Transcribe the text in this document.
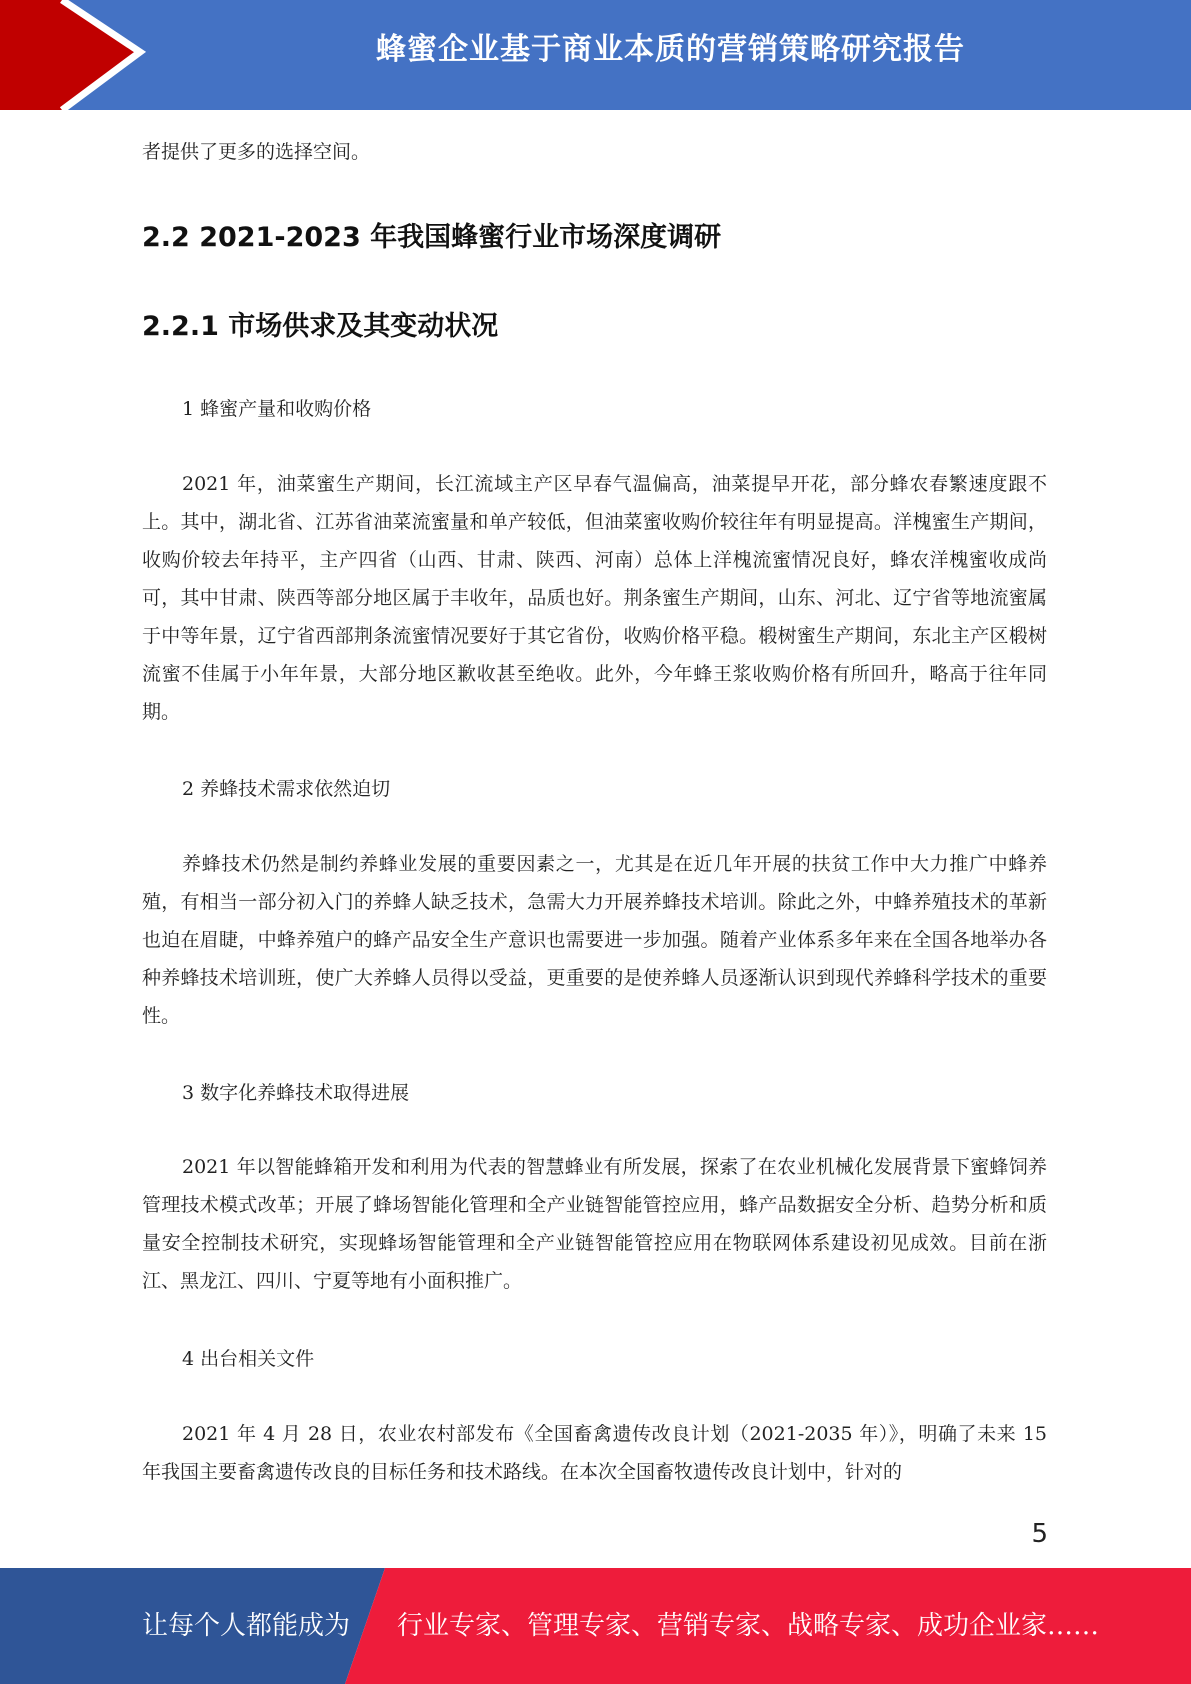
蜂蜜企业基于商业本质的营销策略研究报告

者提供了更多的选择空间。

2.2 2021-2023 年我国蜂蜜行业市场深度调研
2.2.1 市场供求及其变动状况

1 蜂蜜产量和收购价格

2021 年，油菜蜜生产期间，长江流域主产区早春气温偏高，油菜提早开花，部分蜂农春繁速度跟不上。其中，湖北省、江苏省油菜流蜜量和单产较低，但油菜蜜收购价较往年有明显提高。洋槐蜜生产期间，收购价较去年持平，主产四省（山西、甘肃、陕西、河南）总体上洋槐流蜜情况良好，蜂农洋槐蜜收成尚可，其中甘肃、陕西等部分地区属于丰收年，品质也好。荆条蜜生产期间，山东、河北、辽宁省等地流蜜属于中等年景，辽宁省西部荆条流蜜情况要好于其它省份，收购价格平稳。椴树蜜生产期间，东北主产区椴树流蜜不佳属于小年年景，大部分地区歉收甚至绝收。此外，今年蜂王浆收购价格有所回升，略高于往年同期。

2 养蜂技术需求依然迫切

养蜂技术仍然是制约养蜂业发展的重要因素之一，尤其是在近几年开展的扶贫工作中大力推广中蜂养殖，有相当一部分初入门的养蜂人缺乏技术，急需大力开展养蜂技术培训。除此之外，中蜂养殖技术的革新也迫在眉睫，中蜂养殖户的蜂产品安全生产意识也需要进一步加强。随着产业体系多年来在全国各地举办各种养蜂技术培训班，使广大养蜂人员得以受益，更重要的是使养蜂人员逐渐认识到现代养蜂科学技术的重要性。

3 数字化养蜂技术取得进展

2021 年以智能蜂箱开发和利用为代表的智慧蜂业有所发展，探索了在农业机械化发展背景下蜜蜂饲养管理技术模式改革；开展了蜂场智能化管理和全产业链智能管控应用，蜂产品数据安全分析、趋势分析和质量安全控制技术研究，实现蜂场智能管理和全产业链智能管控应用在物联网体系建设初见成效。目前在浙江、黑龙江、四川、宁夏等地有小面积推广。

4 出台相关文件

2021 年 4 月 28 日，农业农村部发布《全国畜禽遗传改良计划（2021-2035 年）》，明确了未来 15 年我国主要畜禽遗传改良的目标任务和技术路线。在本次全国畜牧遗传改良计划中，针对的

5
让每个人都能成为 行业专家、管理专家、营销专家、战略专家、成功企业家……
